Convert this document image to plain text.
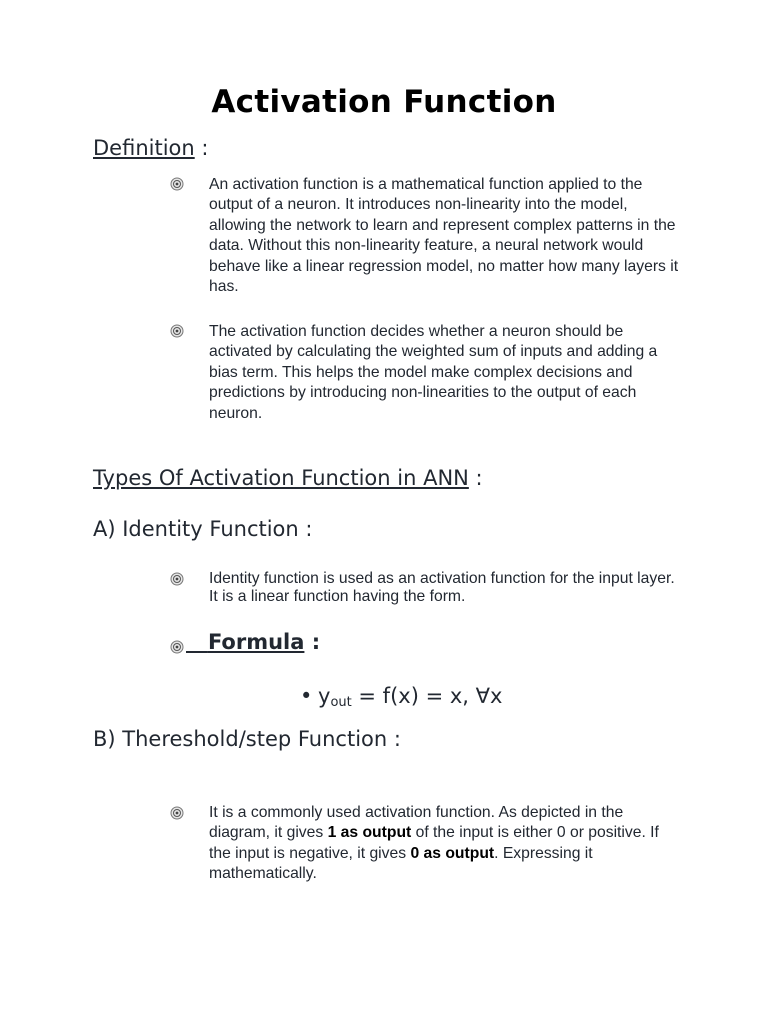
Activation Function
Definition :

An activation function is a mathematical function applied to the output of a neuron. It introduces non-linearity into the model, allowing the network to learn and represent complex patterns in the data. Without this non-linearity feature, a neural network would behave like a linear regression model, no matter how many layers it has.

The activation function decides whether a neuron should be activated by calculating the weighted sum of inputs and adding a bias term. This helps the model make complex decisions and predictions by introducing non-linearities to the output of each neuron.

Types Of Activation Function in ANN :
A) Identity Function :

Identity function is used as an activation function for the input layer. It is a linear function having the form.

Formula :
• $y_{out} = f(x) = x$, ∀x
B) Thereshold/step Function :

It is a commonly used activation function. As depicted in the diagram, it gives 1 as output of the input is either 0 or positive. If the input is negative, it gives 0 as output. Expressing it mathematically.
